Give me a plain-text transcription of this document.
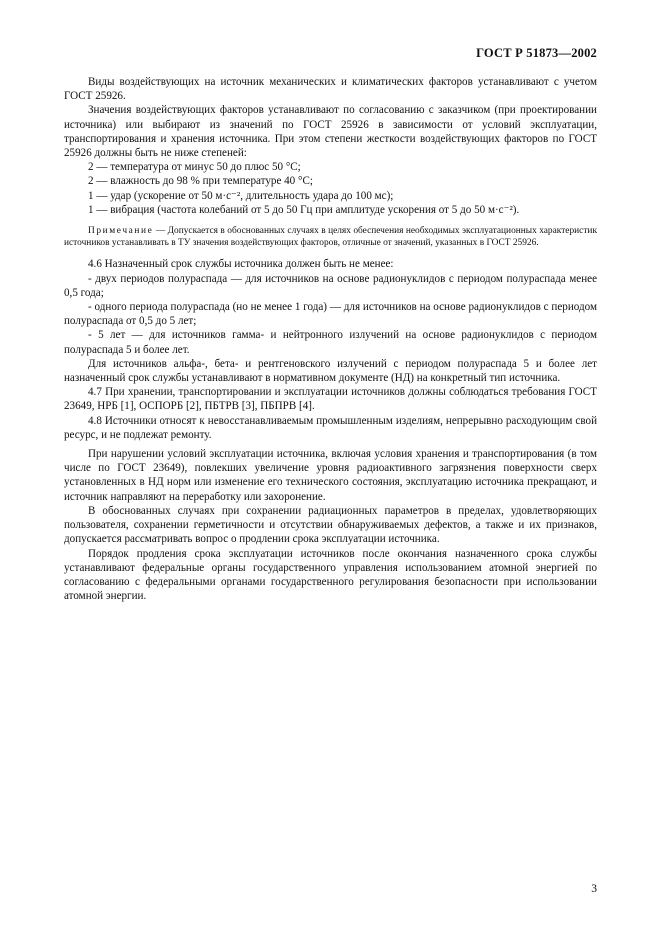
ГОСТ Р 51873—2002

Виды воздействующих на источник механических и климатических факторов устанавливают с учетом ГОСТ 25926.

Значения воздействующих факторов устанавливают по согласованию с заказчиком (при проектировании источника) или выбирают из значений по ГОСТ 25926 в зависимости от условий эксплуатации, транспортирования и хранения источника. При этом степени жесткости воздействующих факторов по ГОСТ 25926 должны быть не ниже степеней:

2 — температура от минус 50 до плюс 50 °С;

2 — влажность до 98 % при температуре 40 °С;

1 — удар (ускорение от 50 м·с⁻², длительность удара до 100 мс);

1 — вибрация (частота колебаний от 5 до 50 Гц при амплитуде ускорения от 5 до 50 м·с⁻²).

Примечание — Допускается в обоснованных случаях в целях обеспечения необходимых эксплуатационных характеристик источников устанавливать в ТУ значения воздействующих факторов, отличные от значений, указанных в ГОСТ 25926.

4.6 Назначенный срок службы источника должен быть не менее:

- двух периодов полураспада — для источников на основе радионуклидов с периодом полураспада менее 0,5 года;

- одного периода полураспада (но не менее 1 года) — для источников на основе радионуклидов с периодом полураспада от 0,5 до 5 лет;

- 5 лет — для источников гамма- и нейтронного излучений на основе радионуклидов с периодом полураспада 5 и более лет.

Для источников альфа-, бета- и рентгеновского излучений с периодом полураспада 5 и более лет назначенный срок службы устанавливают в нормативном документе (НД) на конкретный тип источника.

4.7 При хранении, транспортировании и эксплуатации источников должны соблюдаться требования ГОСТ 23649, НРБ [1], ОСПОРБ [2], ПБТРВ [3], ПБПРВ [4].

4.8 Источники относят к невосстанавливаемым промышленным изделиям, непрерывно расходующим свой ресурс, и не подлежат ремонту.

При нарушении условий эксплуатации источника, включая условия хранения и транспортирования (в том числе по ГОСТ 23649), повлекших увеличение уровня радиоактивного загрязнения поверхности сверх установленных в НД норм или изменение его технического состояния, эксплуатацию источника прекращают, и источник направляют на переработку или захоронение.

В обоснованных случаях при сохранении радиационных параметров в пределах, удовлетворяющих пользователя, сохранении герметичности и отсутствии обнаруживаемых дефектов, а также и их признаков, допускается рассматривать вопрос о продлении срока эксплуатации источника.

Порядок продления срока эксплуатации источников после окончания назначенного срока службы устанавливают федеральные органы государственного управления использованием атомной энергией по согласованию с федеральными органами государственного регулирования безопасности при использовании атомной энергии.

3
